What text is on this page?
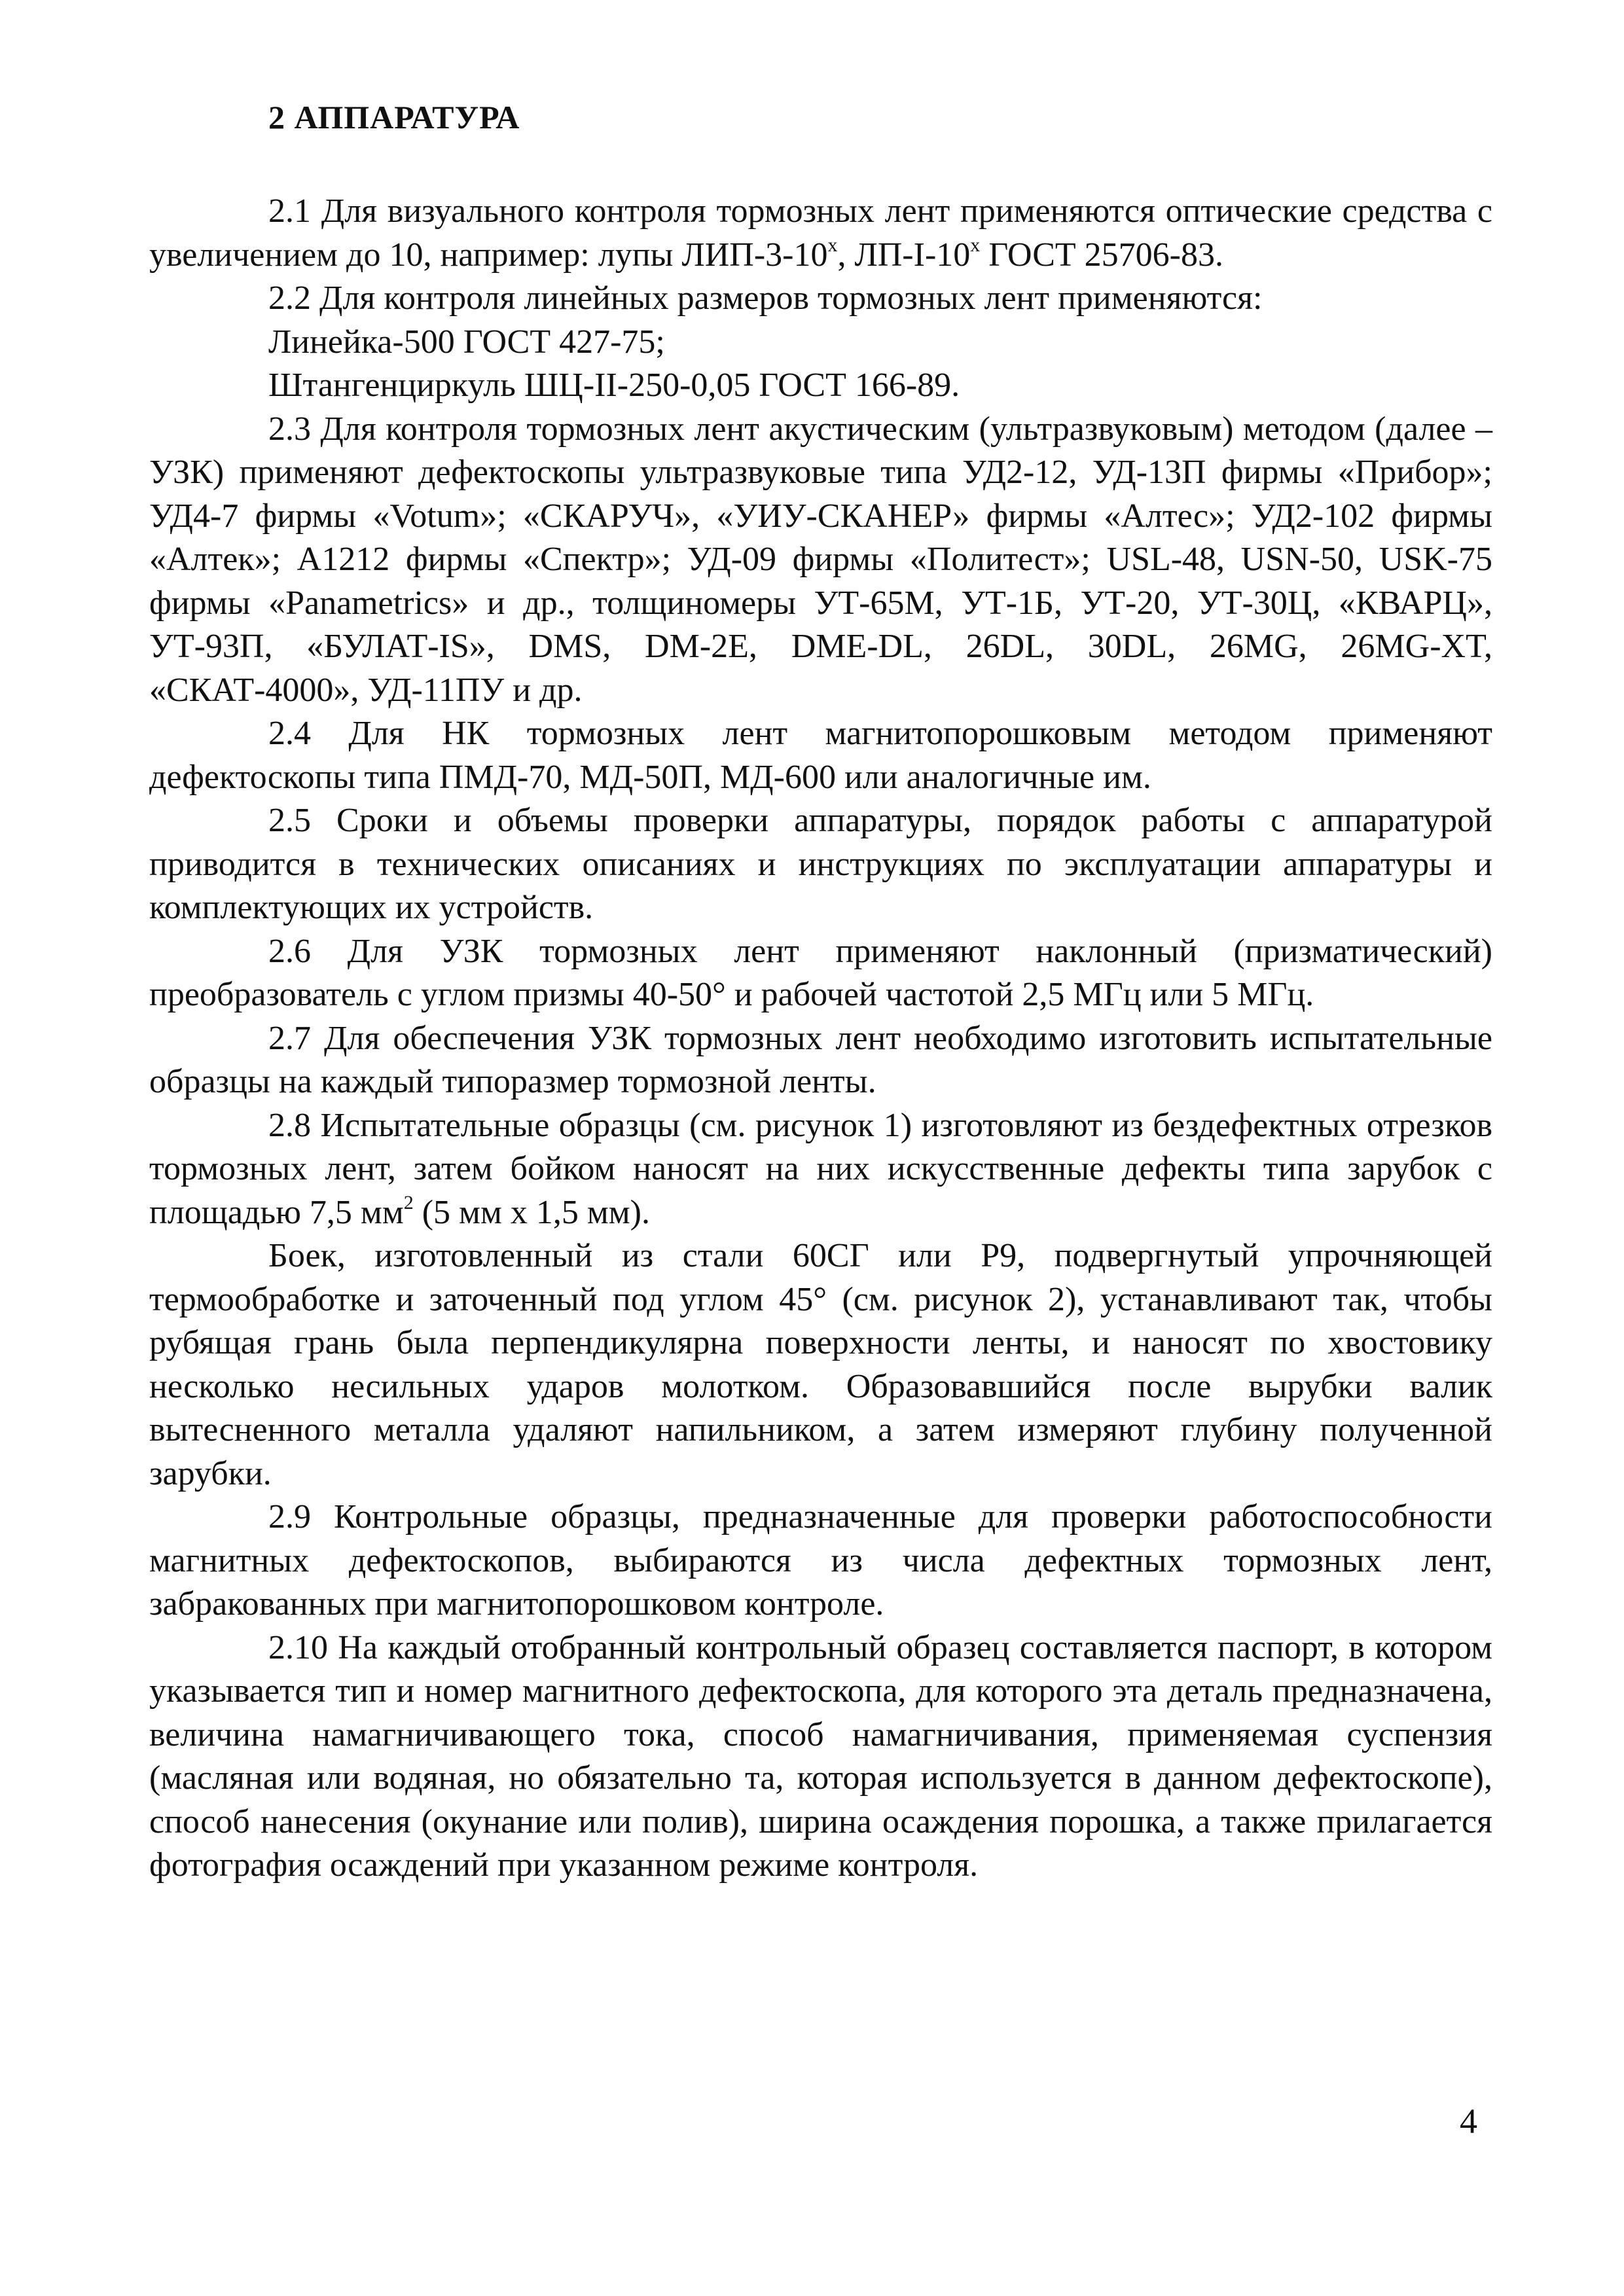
2 АППАРАТУРА

2.1 Для визуального контроля тормозных лент применяются оптические средства с увеличением до 10, например: лупы ЛИП-$3-10^х$, $ЛП-I-10^х$ ГОСТ 25706-83.

2.2 Для контроля линейных размеров тормозных лент применяются:

Линейка-500 ГОСТ 427-75;

Штангенциркуль ШЦ-II-250-0,05 ГОСТ 166-89.

2.3 Для контроля тормозных лент акустическим (ультразвуковым) методом (далее – УЗК) применяют дефектоскопы ультразвуковые типа УД2-12, УД-13П фирмы «Прибор»; УД4-7 фирмы «Votum»; «СКАРУЧ», «УИУ-СКАНЕР» фирмы «Алтес»; УД2-102 фирмы «Алтек»; А1212 фирмы «Спектр»; УД-09 фирмы «Политест»; USL-48, USN-50, USK-75 фирмы «Panametrics» и др., толщиномеры УТ-65М, УТ-1Б, УТ-20, УТ-30Ц, «КВАРЦ», УТ-93П, «БУЛАТ-IS», DMS, DM-2E, DME-DL, 26DL, 30DL, 26MG, 26MG-XT, «СКАТ-4000», УД-11ПУ и др.

2.4 Для НК тормозных лент магнитопорошковым методом применяют дефектоскопы типа ПМД-70, МД-50П, МД-600 или аналогичные им.

2.5 Сроки и объемы проверки аппаратуры, порядок работы с аппаратурой приводится в технических описаниях и инструкциях по эксплуатации аппаратуры и комплектующих их устройств.

2.6 Для УЗК тормозных лент применяют наклонный (призматический) преобразователь с углом призмы 40-50° и рабочей частотой 2,5 МГц или 5 МГц.

2.7 Для обеспечения УЗК тормозных лент необходимо изготовить испытательные образцы на каждый типоразмер тормозной ленты.

2.8 Испытательные образцы (см. рисунок 1) изготовляют из бездефектных отрезков тормозных лент, затем бойком наносят на них искусственные дефекты типа зарубок с площадью 7,5 $мм^2$ (5 мм х 1,5 мм).

Боек, изготовленный из стали 60СГ или Р9, подвергнутый упрочняющей термообработке и заточенный под углом 45° (см. рисунок 2), устанавливают так, чтобы рубящая грань была перпендикулярна поверхности ленты, и наносят по хвостовику несколько несильных ударов молотком. Образовавшийся после вырубки валик вытесненного металла удаляют напильником, а затем измеряют глубину полученной зарубки.

2.9 Контрольные образцы, предназначенные для проверки работоспособности магнитных дефектоскопов, выбираются из числа дефектных тормозных лент, забракованных при магнитопорошковом контроле.

2.10 На каждый отобранный контрольный образец составляется паспорт, в котором указывается тип и номер магнитного дефектоскопа, для которого эта деталь предназначена, величина намагничивающего тока, способ намагничивания, применяемая суспензия (масляная или водяная, но обязательно та, которая используется в данном дефектоскопе), способ нанесения (окунание или полив), ширина осаждения порошка, а также прилагается фотография осаждений при указанном режиме контроля.

4
